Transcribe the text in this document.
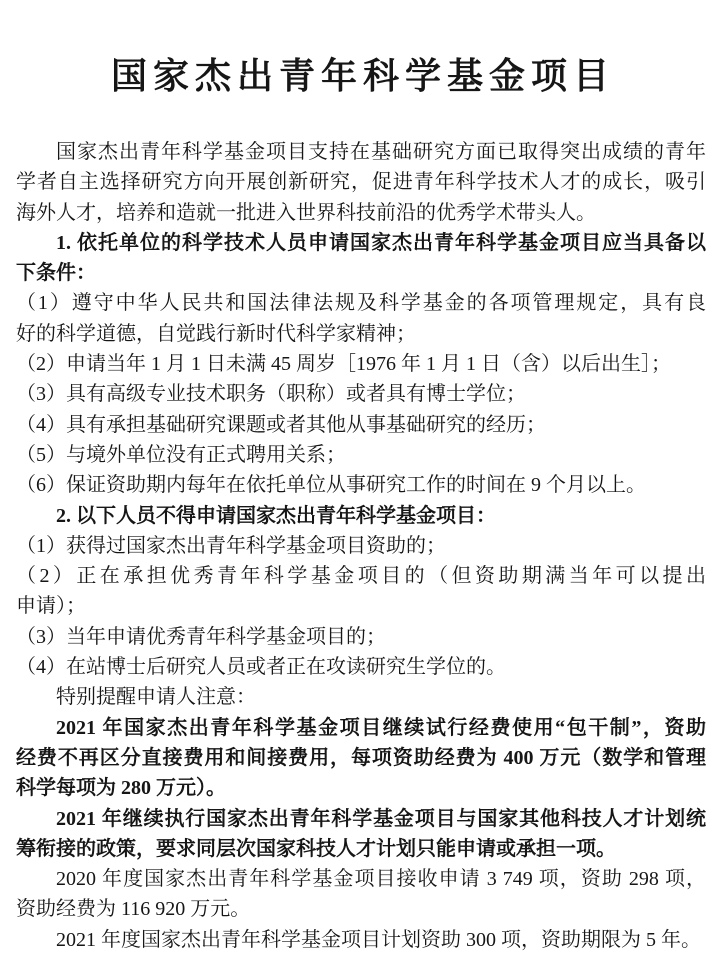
国家杰出青年科学基金项目
国家杰出青年科学基金项目支持在基础研究方面已取得突出成绩的青年
学者自主选择研究方向开展创新研究，促进青年科学技术人才的成长，吸引
海外人才，培养和造就一批进入世界科技前沿的优秀学术带头人。
1. 依托单位的科学技术人员申请国家杰出青年科学基金项目应当具备以
下条件：
（1）遵守中华人民共和国法律法规及科学基金的各项管理规定，具有良
好的科学道德，自觉践行新时代科学家精神；
（2）申请当年 1 月 1 日未满 45 周岁［1976 年 1 月 1 日（含）以后出生］；
（3）具有高级专业技术职务（职称）或者具有博士学位；
（4）具有承担基础研究课题或者其他从事基础研究的经历；
（5）与境外单位没有正式聘用关系；
（6）保证资助期内每年在依托单位从事研究工作的时间在 9 个月以上。
2. 以下人员不得申请国家杰出青年科学基金项目：
（1）获得过国家杰出青年科学基金项目资助的；
（2）正在承担优秀青年科学基金项目的（但资助期满当年可以提出
申请）；
（3）当年申请优秀青年科学基金项目的；
（4）在站博士后研究人员或者正在攻读研究生学位的。
特别提醒申请人注意：
2021 年国家杰出青年科学基金项目继续试行经费使用“包干制”，资助
经费不再区分直接费用和间接费用，每项资助经费为 400 万元（数学和管理
科学每项为 280 万元）。
2021 年继续执行国家杰出青年科学基金项目与国家其他科技人才计划统
筹衔接的政策，要求同层次国家科技人才计划只能申请或承担一项。
2020 年度国家杰出青年科学基金项目接收申请 3 749 项，资助 298 项，
资助经费为 116 920 万元。
2021 年度国家杰出青年科学基金项目计划资助 300 项，资助期限为 5 年。
